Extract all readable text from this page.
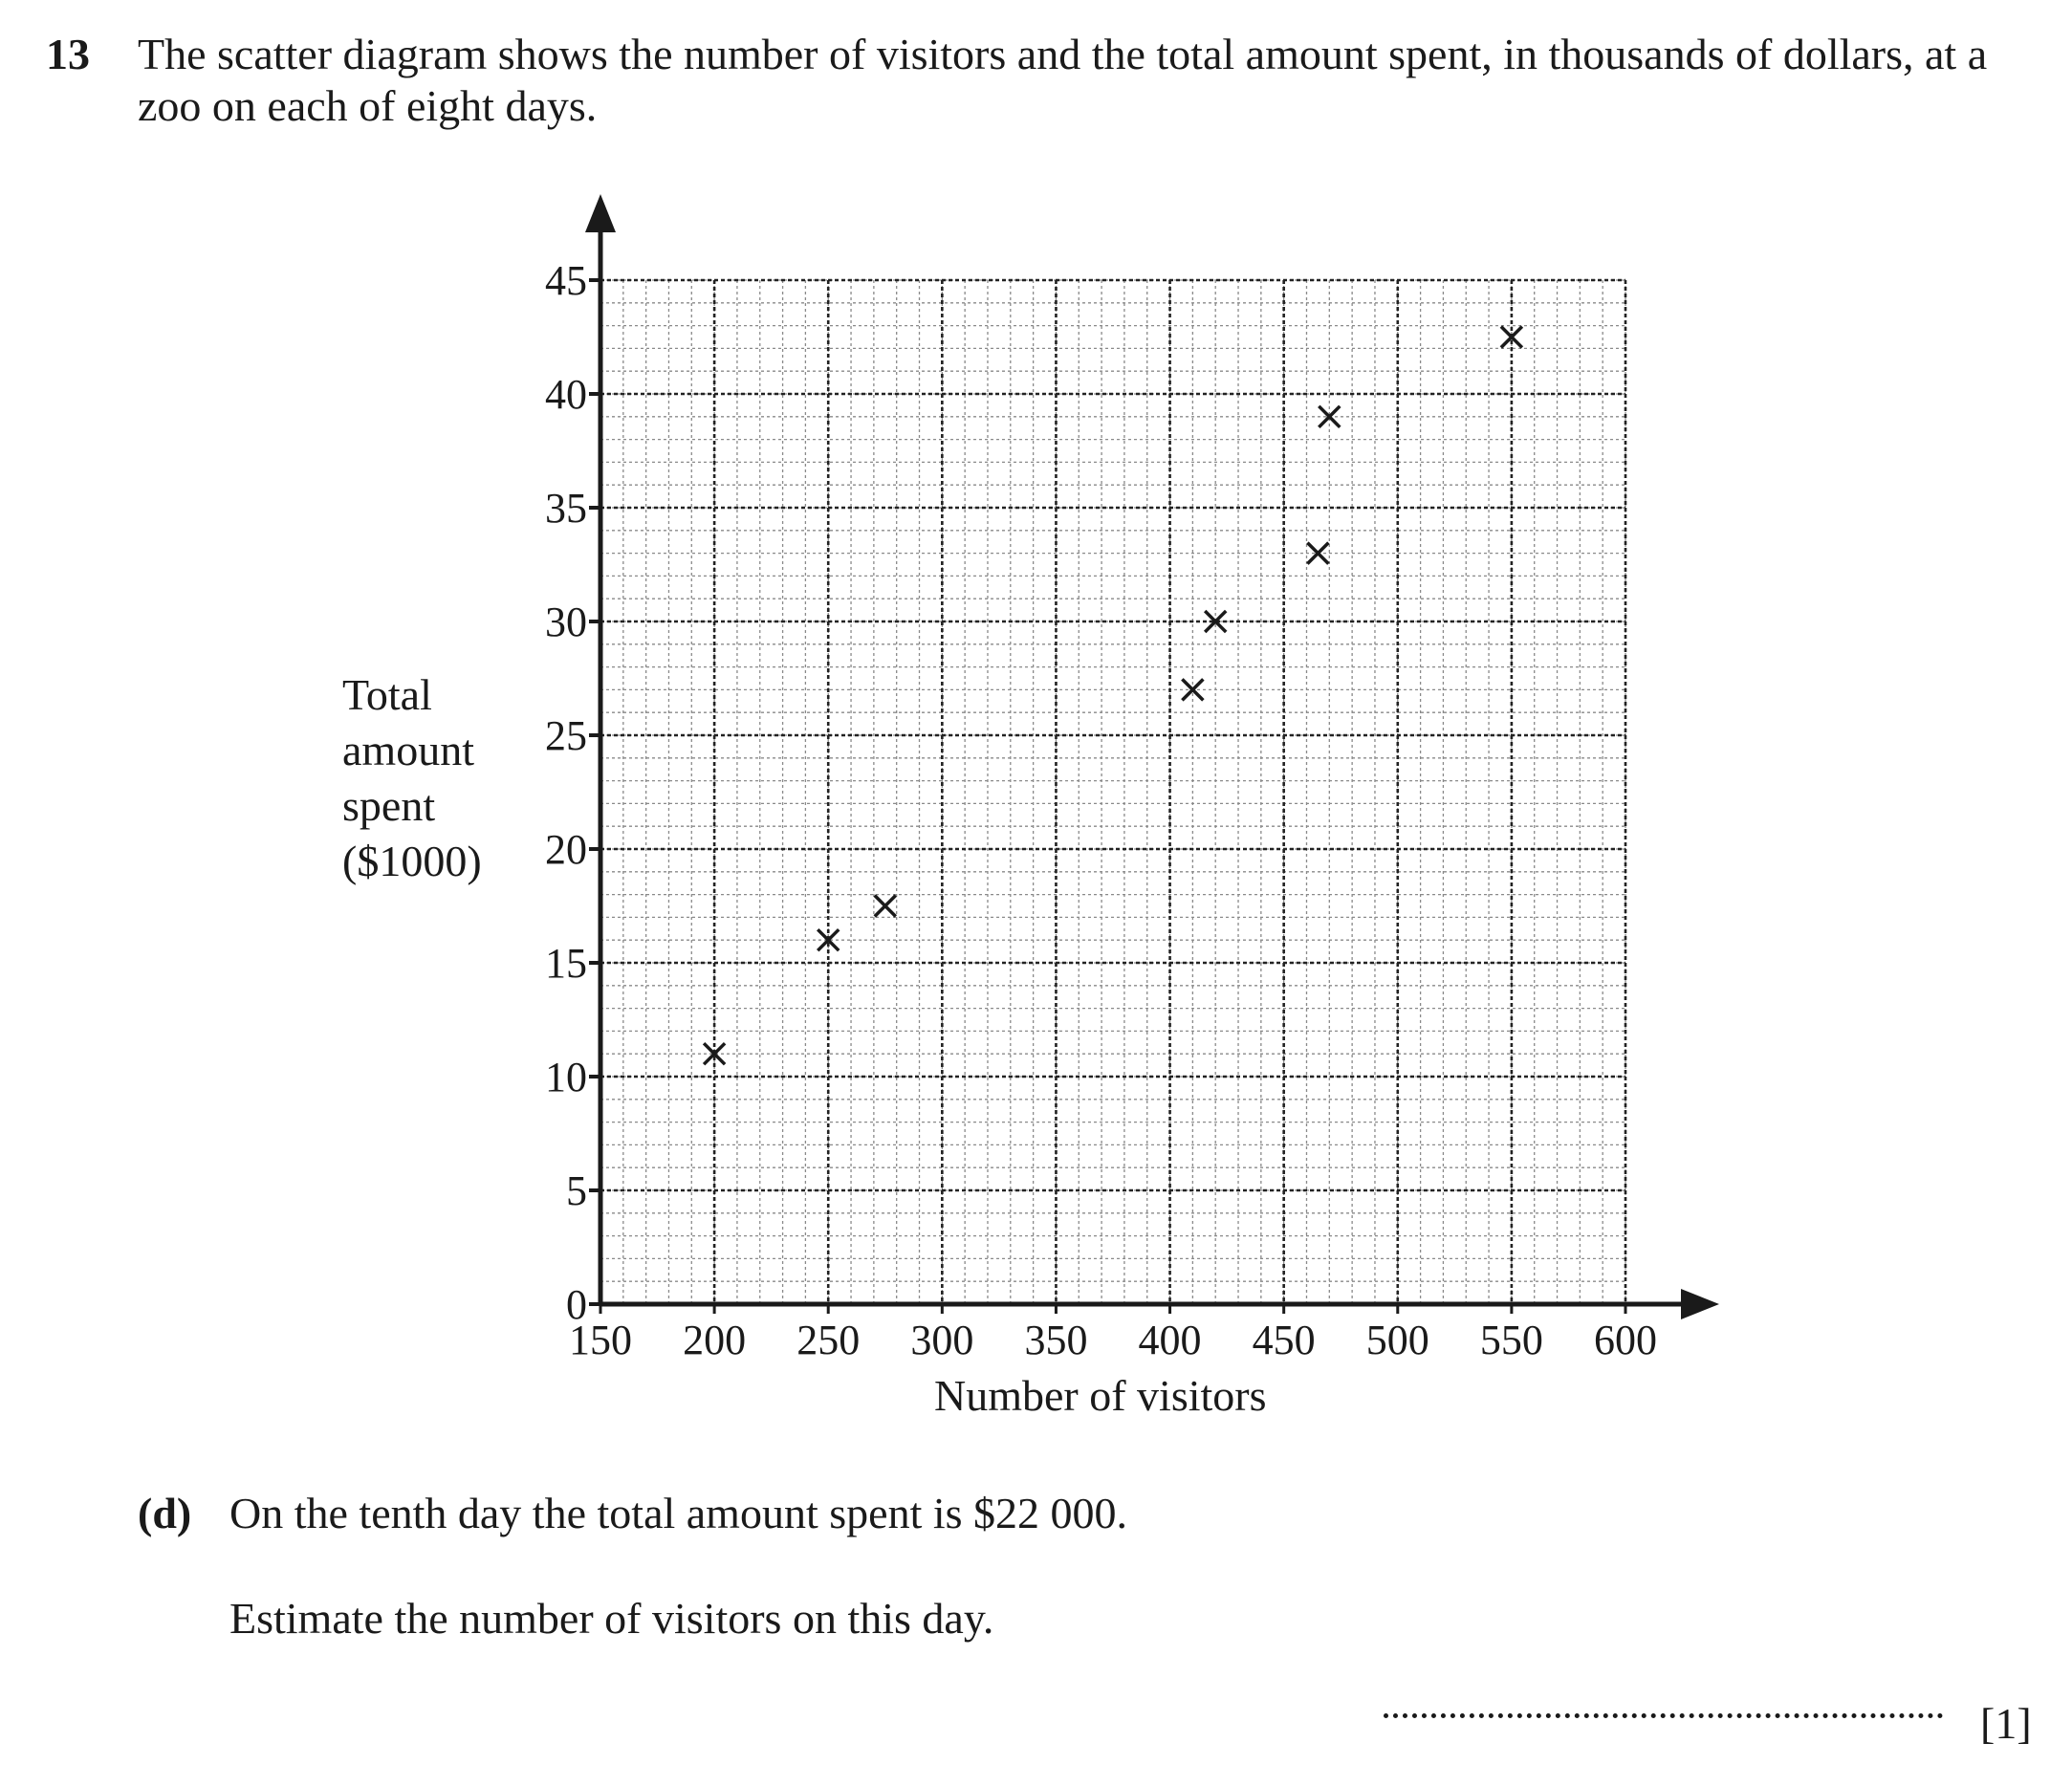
13 The scatter diagram shows the number of visitors and the total amount spent, in thousands of dollars, at a zoo on each of eight days.

0
5
10
15
20
25
30
35
40
45
150 200 250 300 350 400 450 500 550 600
Total
amount
spent
($1000)
Number of visitors
(d) On the tenth day the total amount spent is $22 000.
Estimate the number of visitors on this day.
[1]
